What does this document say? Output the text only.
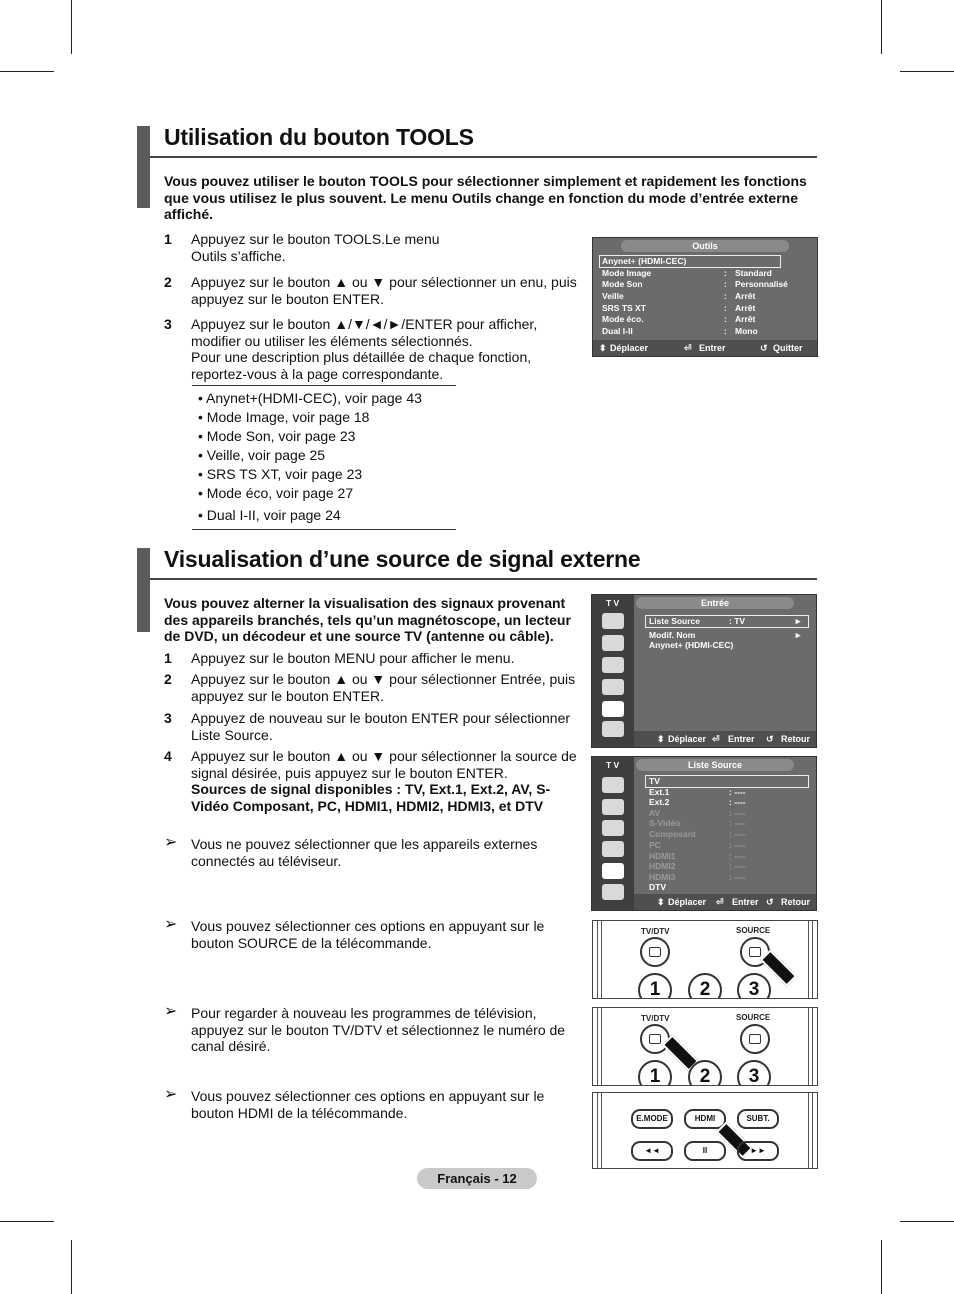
Utilisation du bouton TOOLS
Vous pouvez utiliser le bouton TOOLS pour sélectionner simplement et rapidement les fonctions que vous utilisez le plus souvent. Le menu Outils change en fonction du mode d’entrée externe affiché.
1 Appuyez sur le bouton TOOLS.Le menu Outils s’affiche.
2 Appuyez sur le bouton ▲ ou ▼ pour sélectionner un enu, puis appuyez sur le bouton ENTER.
3 Appuyez sur le bouton ▲/▼/◄/►/ENTER pour afficher, modifier ou utiliser les éléments sélectionnés.
Pour une description plus détaillée de chaque fonction, reportez-vous à la page correspondante.
• Anynet+(HDMI-CEC), voir page 43
• Mode Image, voir page 18
• Mode Son, voir page 23
• Veille, voir page 25
• SRS TS XT, voir page 23
• Mode éco, voir page 27
• Dual I-II, voir page 24
Outils
Anynet+ (HDMI-CEC)
Mode Image	: Standard
Mode Son	: Personnalisé
Veille	: Arrêt
SRS TS XT	: Arrêt
Mode éco.	: Arrêt
Dual I-II	: Mono
⬍ Déplacer	⏎ Entrer	↺ Quitter
Visualisation d’une source de signal externe
Vous pouvez alterner la visualisation des signaux provenant des appareils branchés, tels qu’un magnétoscope, un lecteur de DVD, un décodeur et une source TV (antenne ou câble).
1 Appuyez sur le bouton MENU pour afficher le menu.
2 Appuyez sur le bouton ▲ ou ▼ pour sélectionner Entrée, puis appuyez sur le bouton ENTER.
3 Appuyez de nouveau sur le bouton ENTER pour sélectionner Liste Source.
4 Appuyez sur le bouton ▲ ou ▼ pour sélectionner la source de signal désirée, puis appuyez sur le bouton ENTER.
Sources de signal disponibles : TV, Ext.1, Ext.2, AV, S-Vidéo Composant, PC, HDMI1, HDMI2, HDMI3, et DTV
➢ Vous ne pouvez sélectionner que les appareils externes connectés au téléviseur.
➢ Vous pouvez sélectionner ces options en appuyant sur le bouton SOURCE de la télécommande.
➢ Pour regarder à nouveau les programmes de télévision, appuyez sur le bouton TV/DTV et sélectionnez le numéro de canal désiré.
➢ Vous pouvez sélectionner ces options en appuyant sur le bouton HDMI de la télécommande.
T V	Entrée
Liste Source	: TV	►
Modif. Nom	►
Anynet+ (HDMI-CEC)
⬍ Déplacer ⏎ Entrer ↺ Retour
T V	Liste Source
TV
Ext.1	: ----
Ext.2	: ----
AV	: ----
S-Vidéo	: ----
Composant	: ----
PC	: ----
HDMI1	: ----
HDMI2	: ----
HDMI3	: ----
DTV
⬍ Déplacer ⏎ Entrer ↺ Retour
TV/DTV	SOURCE
1	2	3
TV/DTV	SOURCE
1	2	3
E.MODE	HDMI	SUBT.
◄◄	II	►►
Français - 12
